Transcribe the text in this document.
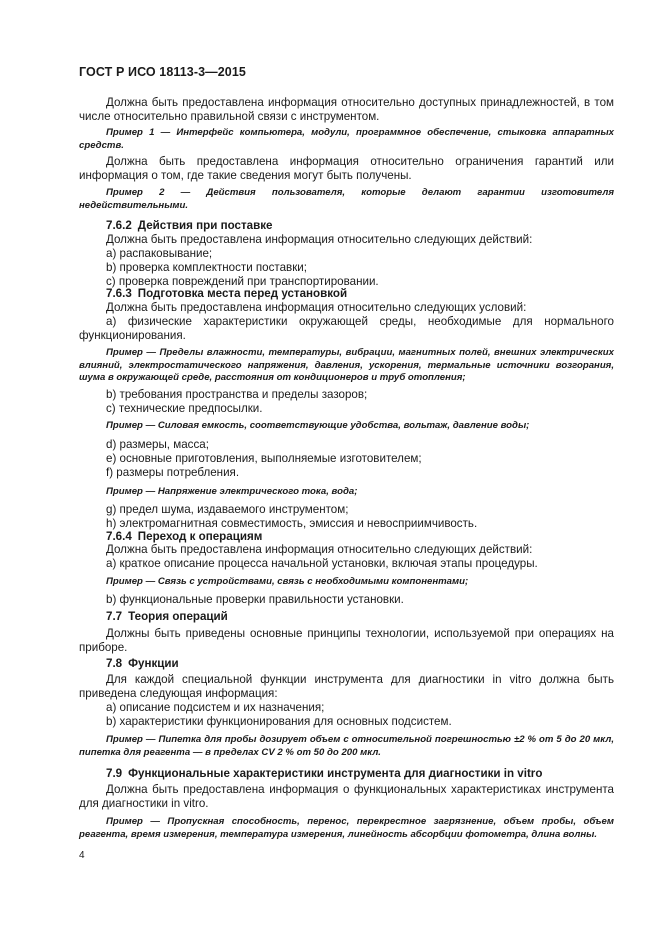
ГОСТ Р ИСО 18113-3—2015

Должна быть предоставлена информация относительно доступных принадлежностей, в том числе относительно правильной связи с инструментом.

Пример 1 — Интерфейс компьютера, модули, программное обеспечение, стыковка аппаратных средств.

Должна быть предоставлена информация относительно ограничения гарантий или информация о том, где такие сведения могут быть получены.

Пример 2 — Действия пользователя, которые делают гарантии изготовителя недействительными.

7.6.2 Действия при поставке

Должна быть предоставлена информация относительно следующих действий:

a) распаковывание;

b) проверка комплектности поставки;

c) проверка повреждений при транспортировании.

7.6.3 Подготовка места перед установкой

Должна быть предоставлена информация относительно следующих условий:

a) физические характеристики окружающей среды, необходимые для нормального функционирования.

Пример — Пределы влажности, температуры, вибрации, магнитных полей, внешних электрических влияний, электростатического напряжения, давления, ускорения, термальные источники возгорания, шума в окружающей среде, расстояния от кондиционеров и труб отопления;

b) требования пространства и пределы зазоров;

c) технические предпосылки.

Пример — Силовая емкость, соответствующие удобства, вольтаж, давление воды;

d) размеры, масса;

e) основные приготовления, выполняемые изготовителем;

f) размеры потребления.

Пример — Напряжение электрического тока, вода;

g) предел шума, издаваемого инструментом;

h) электромагнитная совместимость, эмиссия и невосприимчивость.

7.6.4 Переход к операциям

Должна быть предоставлена информация относительно следующих действий:

a) краткое описание процесса начальной установки, включая этапы процедуры.

Пример — Связь с устройствами, связь с необходимыми компонентами;

b) функциональные проверки правильности установки.

7.7 Теория операций

Должны быть приведены основные принципы технологии, используемой при операциях на приборе.

7.8 Функции

Для каждой специальной функции инструмента для диагностики in vitro должна быть приведена следующая информация:

a) описание подсистем и их назначения;

b) характеристики функционирования для основных подсистем.

Пример — Пипетка для пробы дозирует объем с относительной погрешностью ±2 % от 5 до 20 мкл, пипетка для реагента — в пределах CV 2 % от 50 до 200 мкл.

7.9 Функциональные характеристики инструмента для диагностики in vitro

Должна быть предоставлена информация о функциональных характеристиках инструмента для диагностики in vitro.

Пример — Пропускная способность, перенос, перекрестное загрязнение, объем пробы, объем реагента, время измерения, температура измерения, линейность абсорбции фотометра, длина волны.

4
